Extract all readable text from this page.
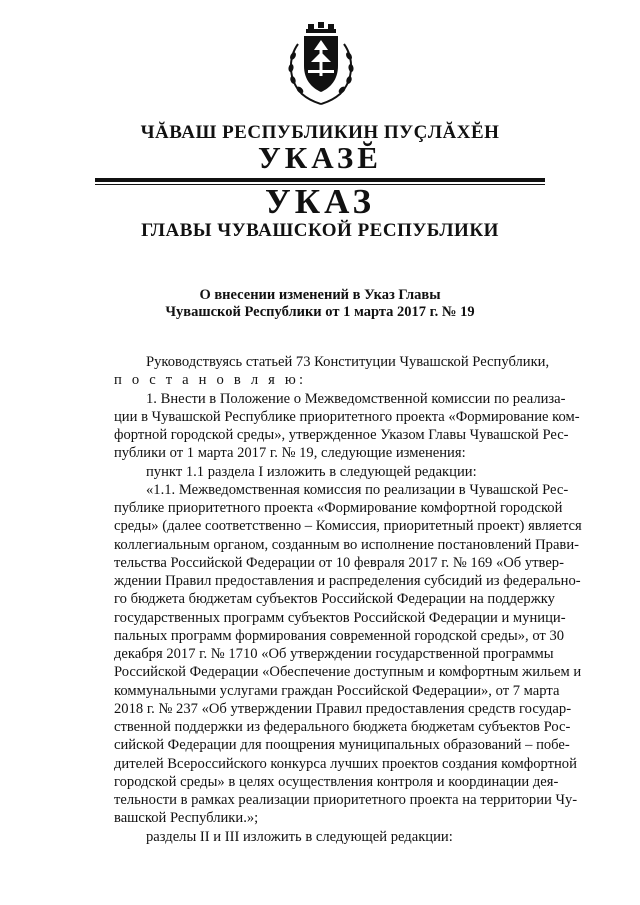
ЧĂВАШ РЕСПУБЛИКИН ПУÇЛĂХĔН
УКАЗĔ
УКАЗ
ГЛАВЫ ЧУВАШСКОЙ РЕСПУБЛИКИ
О внесении изменений в Указ Главы
Чувашской Республики от 1 марта 2017 г. № 19
Руководствуясь статьей 73 Конституции Чувашской Республики,
п о с т а н о в л я ю:
1. Внести в Положение о Межведомственной комиссии по реализа-
ции в Чувашской Республике приоритетного проекта «Формирование ком-
фортной городской среды», утвержденное Указом Главы Чувашской Рес-
публики от 1 марта 2017 г. № 19, следующие изменения:
пункт 1.1 раздела I изложить в следующей редакции:
«1.1. Межведомственная комиссия по реализации в Чувашской Рес-
публике приоритетного проекта «Формирование комфортной городской
среды» (далее соответственно – Комиссия, приоритетный проект) является
коллегиальным органом, созданным во исполнение постановлений Прави-
тельства Российской Федерации от 10 февраля 2017 г. № 169 «Об утвер-
ждении Правил предоставления и распределения субсидий из федерально-
го бюджета бюджетам субъектов Российской Федерации на поддержку
государственных программ субъектов Российской Федерации и муници-
пальных программ формирования современной городской среды», от 30
декабря 2017 г. № 1710 «Об утверждении государственной программы
Российской Федерации «Обеспечение доступным и комфортным жильем и
коммунальными услугами граждан Российской Федерации», от 7 марта
2018 г. № 237 «Об утверждении Правил предоставления средств государ-
ственной поддержки из федерального бюджета бюджетам субъектов Рос-
сийской Федерации для поощрения муниципальных образований – побе-
дителей Всероссийского конкурса лучших проектов создания комфортной
городской среды» в целях осуществления контроля и координации дея-
тельности в рамках реализации приоритетного проекта на территории Чу-
вашской Республики.»;
разделы II и III изложить в следующей редакции:
